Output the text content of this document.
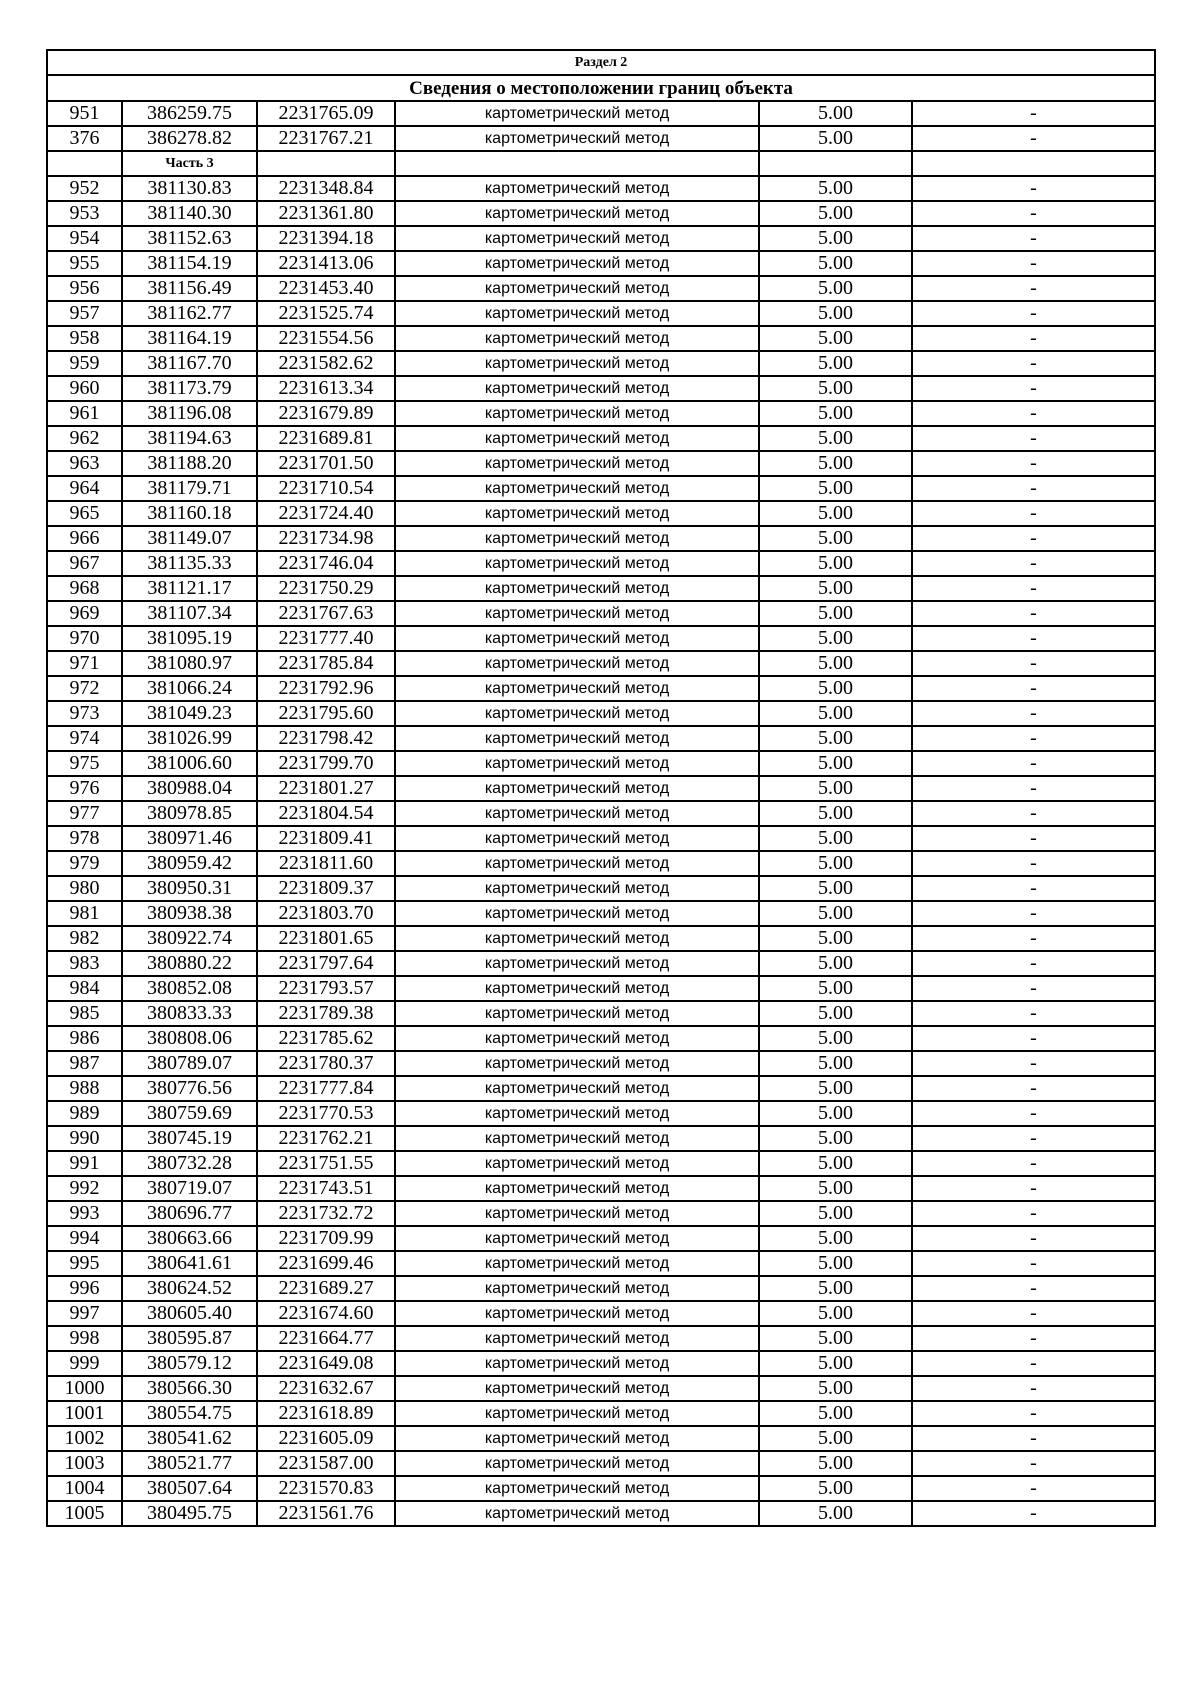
Раздел 2					
Сведения о местоположении границ объекта					
951	386259.75	2231765.09	картометрический метод	5.00	-
376	386278.82	2231767.21	картометрический метод	5.00	-
	Часть 3				
952	381130.83	2231348.84	картометрический метод	5.00	-
953	381140.30	2231361.80	картометрический метод	5.00	-
954	381152.63	2231394.18	картометрический метод	5.00	-
955	381154.19	2231413.06	картометрический метод	5.00	-
956	381156.49	2231453.40	картометрический метод	5.00	-
957	381162.77	2231525.74	картометрический метод	5.00	-
958	381164.19	2231554.56	картометрический метод	5.00	-
959	381167.70	2231582.62	картометрический метод	5.00	-
960	381173.79	2231613.34	картометрический метод	5.00	-
961	381196.08	2231679.89	картометрический метод	5.00	-
962	381194.63	2231689.81	картометрический метод	5.00	-
963	381188.20	2231701.50	картометрический метод	5.00	-
964	381179.71	2231710.54	картометрический метод	5.00	-
965	381160.18	2231724.40	картометрический метод	5.00	-
966	381149.07	2231734.98	картометрический метод	5.00	-
967	381135.33	2231746.04	картометрический метод	5.00	-
968	381121.17	2231750.29	картометрический метод	5.00	-
969	381107.34	2231767.63	картометрический метод	5.00	-
970	381095.19	2231777.40	картометрический метод	5.00	-
971	381080.97	2231785.84	картометрический метод	5.00	-
972	381066.24	2231792.96	картометрический метод	5.00	-
973	381049.23	2231795.60	картометрический метод	5.00	-
974	381026.99	2231798.42	картометрический метод	5.00	-
975	381006.60	2231799.70	картометрический метод	5.00	-
976	380988.04	2231801.27	картометрический метод	5.00	-
977	380978.85	2231804.54	картометрический метод	5.00	-
978	380971.46	2231809.41	картометрический метод	5.00	-
979	380959.42	2231811.60	картометрический метод	5.00	-
980	380950.31	2231809.37	картометрический метод	5.00	-
981	380938.38	2231803.70	картометрический метод	5.00	-
982	380922.74	2231801.65	картометрический метод	5.00	-
983	380880.22	2231797.64	картометрический метод	5.00	-
984	380852.08	2231793.57	картометрический метод	5.00	-
985	380833.33	2231789.38	картометрический метод	5.00	-
986	380808.06	2231785.62	картометрический метод	5.00	-
987	380789.07	2231780.37	картометрический метод	5.00	-
988	380776.56	2231777.84	картометрический метод	5.00	-
989	380759.69	2231770.53	картометрический метод	5.00	-
990	380745.19	2231762.21	картометрический метод	5.00	-
991	380732.28	2231751.55	картометрический метод	5.00	-
992	380719.07	2231743.51	картометрический метод	5.00	-
993	380696.77	2231732.72	картометрический метод	5.00	-
994	380663.66	2231709.99	картометрический метод	5.00	-
995	380641.61	2231699.46	картометрический метод	5.00	-
996	380624.52	2231689.27	картометрический метод	5.00	-
997	380605.40	2231674.60	картометрический метод	5.00	-
998	380595.87	2231664.77	картометрический метод	5.00	-
999	380579.12	2231649.08	картометрический метод	5.00	-
1000	380566.30	2231632.67	картометрический метод	5.00	-
1001	380554.75	2231618.89	картометрический метод	5.00	-
1002	380541.62	2231605.09	картометрический метод	5.00	-
1003	380521.77	2231587.00	картометрический метод	5.00	-
1004	380507.64	2231570.83	картометрический метод	5.00	-
1005	380495.75	2231561.76	картометрический метод	5.00	-
